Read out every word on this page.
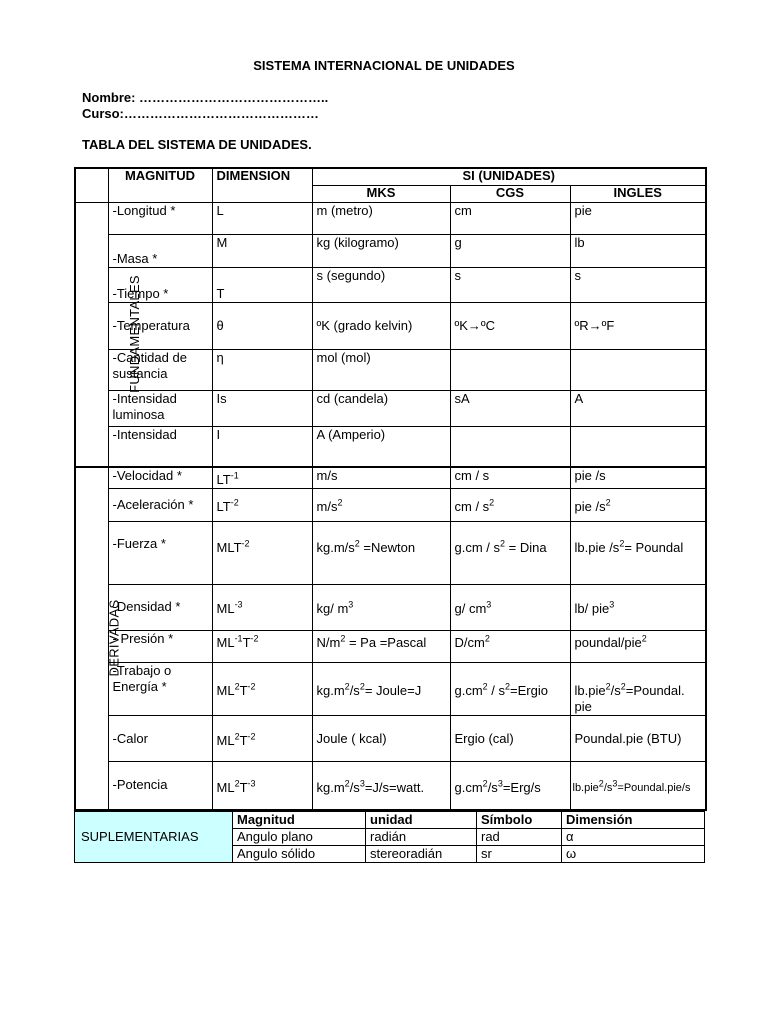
SISTEMA INTERNACIONAL DE UNIDADES
Nombre: ……………………………………..
Curso:………………………………………
TABLA DEL SISTEMA DE UNIDADES.
	MAGNITUD	DIMENSION	SI (UNIDADES)		
			MKS	CGS	INGLES
FUNDAMENTALES	-Longitud *	L	m (metro)	cm	pie
	-Masa *	M	kg (kilogramo)	g	lb
	-Tiempo *	T	s (segundo)	s	s
	-Temperatura	θ	ºK (grado kelvin)	ºK→ºC	ºR→ºF
	-Cantidad de sustancia	η	mol (mol)		
	-Intensidad luminosa	Is	cd (candela)	sA	A
	-Intensidad	I	A (Amperio)		
DERIVADAS	-Velocidad *	$LT^{-1}$	m/s	cm / s	pie /s
	-Aceleración *	$LT^{-2}$	$m/s^2$	cm / $s^2$	pie $/s^2$
	-Fuerza *	$MLT^{-2}$	$kg.m/s^2$ =Newton	$g.cm / s^2$ = Dina	lb.pie $/s^2=$ Poundal
	-Densidad *	$ML^{-3}$	kg/ $m^3$	g/ $cm^3$	lb/ pie$^3$
	- Presión *	$ML^{-1}T^{-2}$	$N/m^2 = Pa$ =Pascal	$D/cm^2$	poundal/pie$^2$
	-Trabajo o Energía *	$ML^2T^{-2}$	$kg.m^2/s^2=$ Joule=J	$g.cm^2$ / $s^2=Ergio$	$lb.pie^2/s^2=Poundal$. pie
	-Calor	$ML^2T^{-2}$	Joule ( kcal)	Ergio (cal)	Poundal.pie (BTU)
	-Potencia	$ML^2T^{-3}$	$kg.m^2/s^3=J/s=watt$.	$g.cm^2/s^3=Erg/s$	$lb.pie^2/s^3=Poundal.pie/s$
SUPLEMENTARIAS	Magnitud	unidad	Símbolo	Dimensión
	Angulo plano	radián	rad	α
	Angulo sólido	stereoradián	sr	ω
